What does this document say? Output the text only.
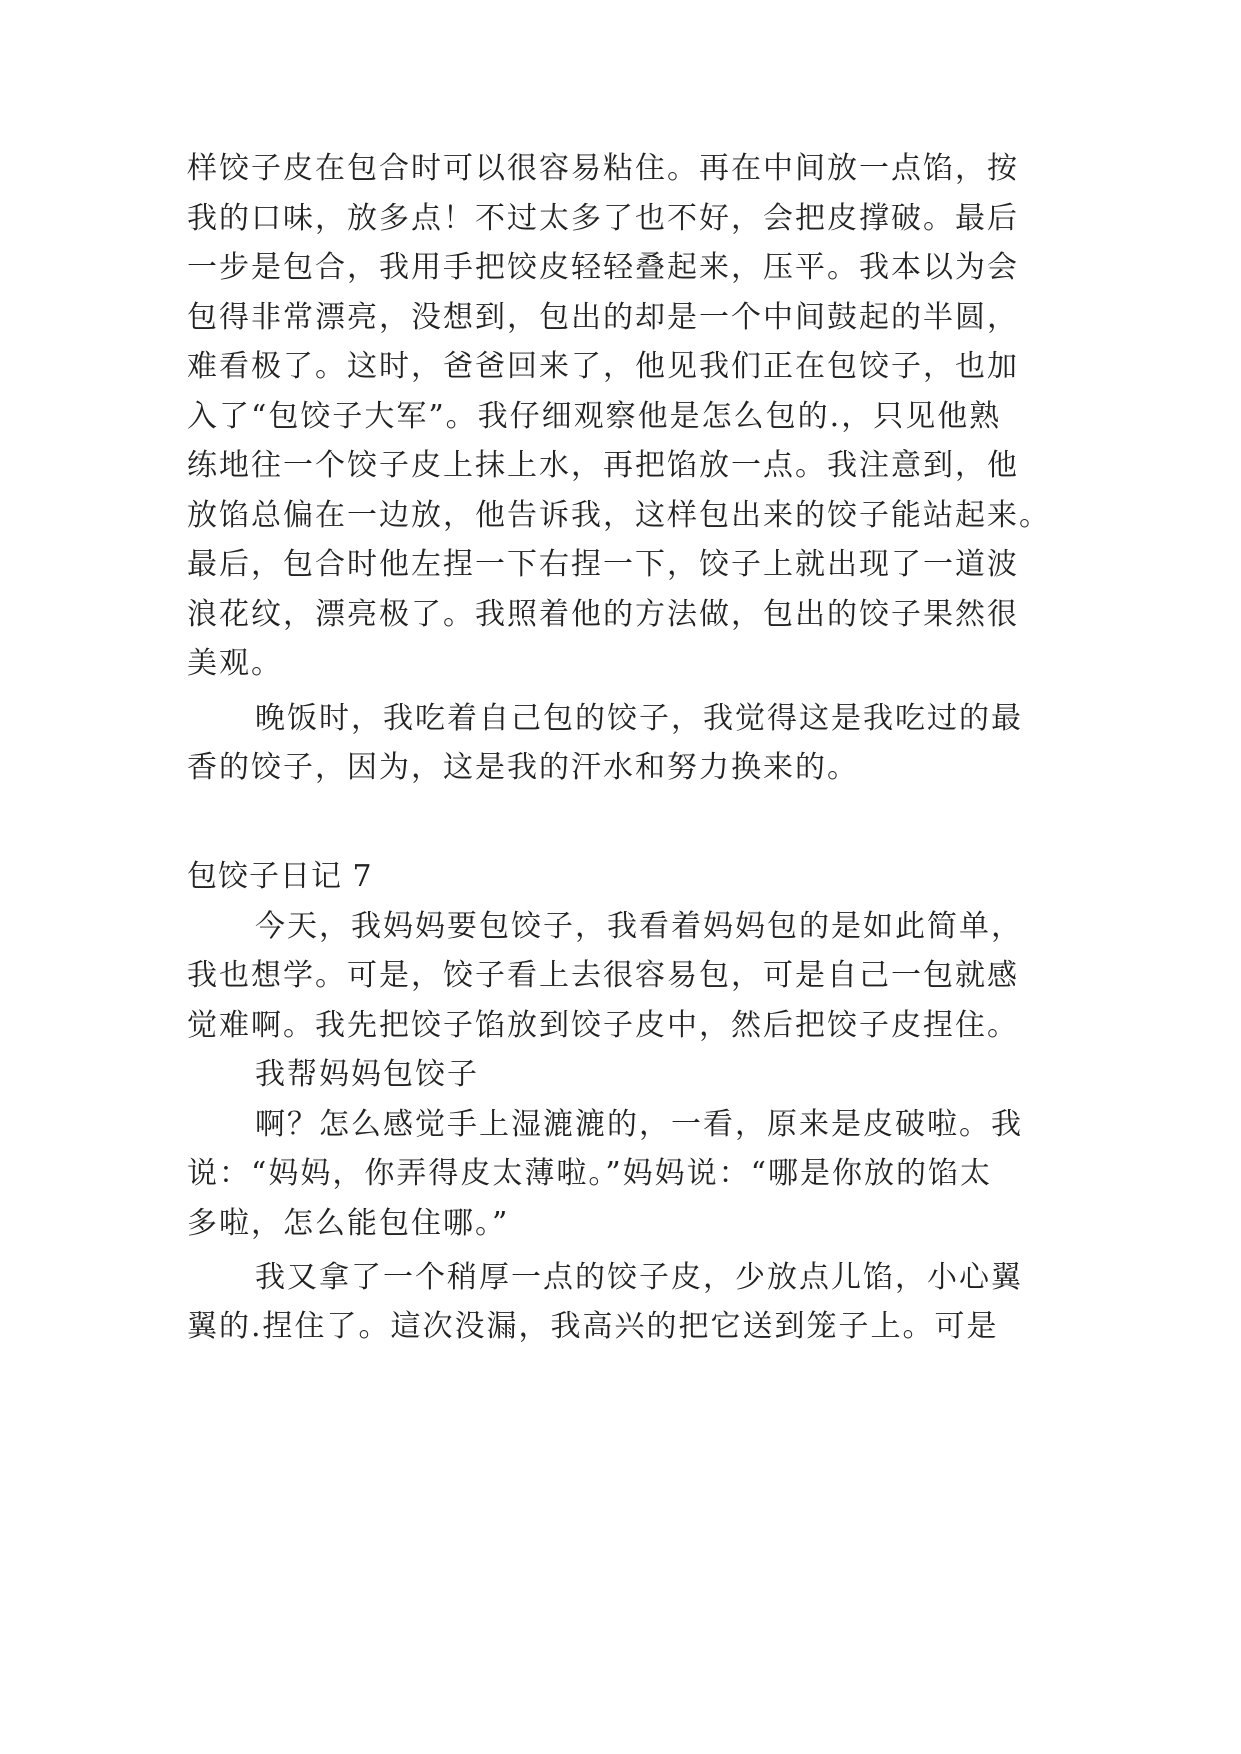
样饺子皮在包合时可以很容易粘住。再在中间放一点馅，按
我的口味，放多点！不过太多了也不好，会把皮撑破。最后
一步是包合，我用手把饺皮轻轻叠起来，压平。我本以为会
包得非常漂亮，没想到，包出的却是一个中间鼓起的半圆，
难看极了。这时，爸爸回来了，他见我们正在包饺子，也加
入了“包饺子大军”。我仔细观察他是怎么包的.，只见他熟
练地往一个饺子皮上抹上水，再把馅放一点。我注意到，他
放馅总偏在一边放，他告诉我，这样包出来的饺子能站起来。
最后，包合时他左捏一下右捏一下，饺子上就出现了一道波
浪花纹，漂亮极了。我照着他的方法做，包出的饺子果然很
美观。
晚饭时，我吃着自己包的饺子，我觉得这是我吃过的最
香的饺子，因为，这是我的汗水和努力换来的。
包饺子日记 7
今天，我妈妈要包饺子，我看着妈妈包的是如此简单，
我也想学。可是，饺子看上去很容易包，可是自己一包就感
觉难啊。我先把饺子馅放到饺子皮中，然后把饺子皮捏住。
我帮妈妈包饺子
啊？怎么感觉手上湿漉漉的，一看，原来是皮破啦。我
说：“妈妈，你弄得皮太薄啦。”妈妈说：“哪是你放的馅太
多啦，怎么能包住哪。”
我又拿了一个稍厚一点的饺子皮，少放点儿馅，小心翼
翼的.捏住了。這次没漏，我高兴的把它送到笼子上。可是
